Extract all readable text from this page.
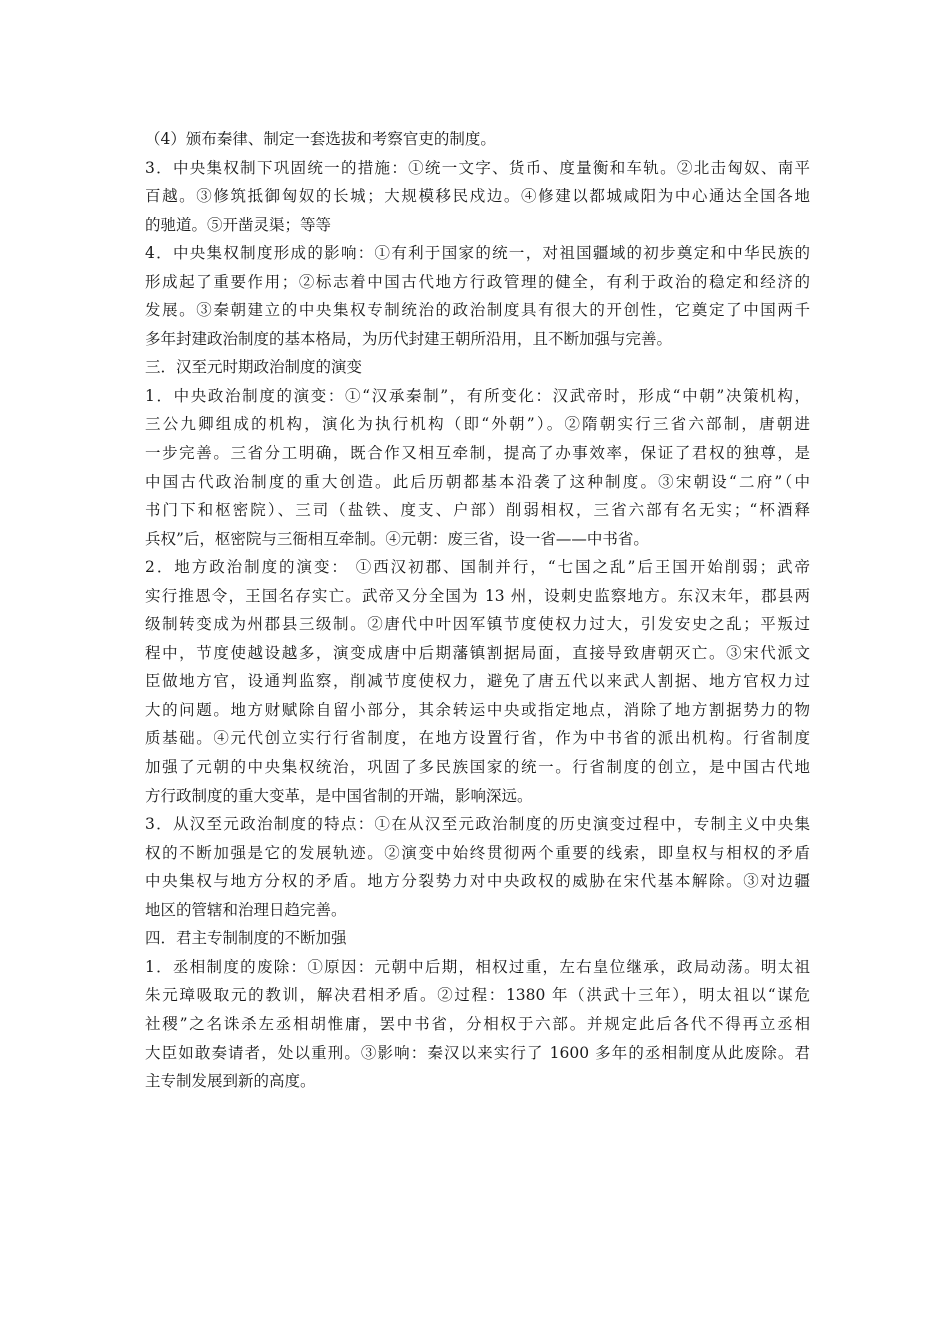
（4）颁布秦律、制定一套选拔和考察官吏的制度。
3．中央集权制下巩固统一的措施：①统一文字、货币、度量衡和车轨。②北击匈奴、南平
百越。③修筑抵御匈奴的长城；大规模移民戍边。④修建以都城咸阳为中心通达全国各地
的驰道。⑤开凿灵渠；等等
4．中央集权制度形成的影响：①有利于国家的统一，对祖国疆域的初步奠定和中华民族的
形成起了重要作用；②标志着中国古代地方行政管理的健全，有利于政治的稳定和经济的
发展。③秦朝建立的中央集权专制统治的政治制度具有很大的开创性，它奠定了中国两千
多年封建政治制度的基本格局，为历代封建王朝所沿用，且不断加强与完善。
三．汉至元时期政治制度的演变
1．中央政治制度的演变：①“汉承秦制”，有所变化：汉武帝时，形成“中朝”决策机构，
三公九卿组成的机构，演化为执行机构（即“外朝”）。②隋朝实行三省六部制，唐朝进
一步完善。三省分工明确，既合作又相互牵制，提高了办事效率，保证了君权的独尊，是
中国古代政治制度的重大创造。此后历朝都基本沿袭了这种制度。③宋朝设“二府”（中
书门下和枢密院）、三司（盐铁、度支、户部）削弱相权，三省六部有名无实；“杯酒释
兵权”后，枢密院与三衙相互牵制。④元朝：废三省，设一省——中书省。
2．地方政治制度的演变： ①西汉初郡、国制并行，“七国之乱”后王国开始削弱；武帝
实行推恩令，王国名存实亡。武帝又分全国为 13 州，设刺史监察地方。东汉末年，郡县两
级制转变成为州郡县三级制。②唐代中叶因军镇节度使权力过大，引发安史之乱；平叛过
程中，节度使越设越多，演变成唐中后期藩镇割据局面，直接导致唐朝灭亡。③宋代派文
臣做地方官，设通判监察，削减节度使权力，避免了唐五代以来武人割据、地方官权力过
大的问题。地方财赋除自留小部分，其余转运中央或指定地点，消除了地方割据势力的物
质基础。④元代创立实行行省制度，在地方设置行省，作为中书省的派出机构。行省制度
加强了元朝的中央集权统治，巩固了多民族国家的统一。行省制度的创立，是中国古代地
方行政制度的重大变革，是中国省制的开端，影响深远。
3．从汉至元政治制度的特点：①在从汉至元政治制度的历史演变过程中，专制主义中央集
权的不断加强是它的发展轨迹。②演变中始终贯彻两个重要的线索，即皇权与相权的矛盾
中央集权与地方分权的矛盾。地方分裂势力对中央政权的威胁在宋代基本解除。③对边疆
地区的管辖和治理日趋完善。
四．君主专制制度的不断加强
1．丞相制度的废除：①原因：元朝中后期，相权过重，左右皇位继承，政局动荡。明太祖
朱元璋吸取元的教训，解决君相矛盾。②过程：1380 年（洪武十三年），明太祖以“谋危
社稷”之名诛杀左丞相胡惟庸，罢中书省，分相权于六部。并规定此后各代不得再立丞相
大臣如敢奏请者，处以重刑。③影响：秦汉以来实行了 1600 多年的丞相制度从此废除。君
主专制发展到新的高度。
